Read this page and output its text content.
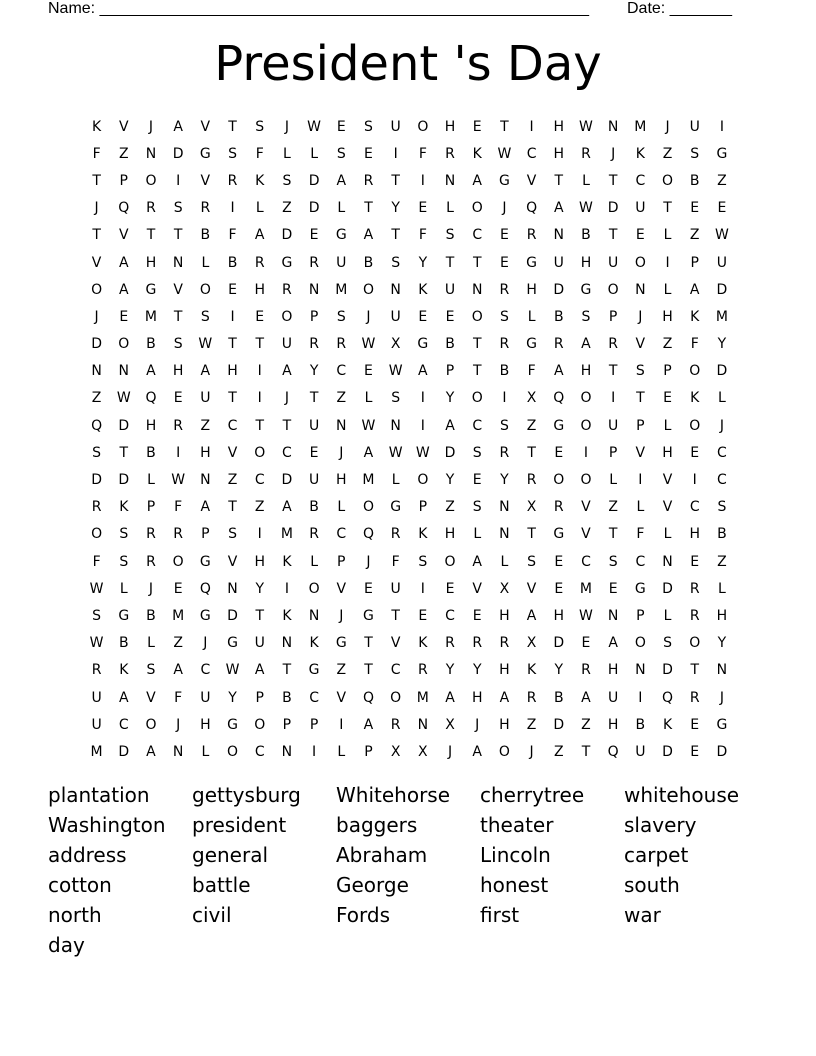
Name: _______________________________________________________ Date: _______
President 's Day
K	V	J	A	V	T	S	J	W	E	S	U	O	H	E	T	I	H	W	N	M	J	U	I
F	Z	N	D	G	S	F	L	L	S	E	I	F	R	K	W	C	H	R	J	K	Z	S	G
T	P	O	I	V	R	K	S	D	A	R	T	I	N	A	G	V	T	L	T	C	O	B	Z
J	Q	R	S	R	I	L	Z	D	L	T	Y	E	L	O	J	Q	A	W	D	U	T	E	E
T	V	T	T	B	F	A	D	E	G	A	T	F	S	C	E	R	N	B	T	E	L	Z	W
V	A	H	N	L	B	R	G	R	U	B	S	Y	T	T	E	G	U	H	U	O	I	P	U
O	A	G	V	O	E	H	R	N	M	O	N	K	U	N	R	H	D	G	O	N	L	A	D
J	E	M	T	S	I	E	O	P	S	J	U	E	E	O	S	L	B	S	P	J	H	K	M
D	O	B	S	W	T	T	U	R	R	W	X	G	B	T	R	G	R	A	R	V	Z	F	Y
N	N	A	H	A	H	I	A	Y	C	E	W	A	P	T	B	F	A	H	T	S	P	O	D
Z	W	Q	E	U	T	I	J	T	Z	L	S	I	Y	O	I	X	Q	O	I	T	E	K	L
Q	D	H	R	Z	C	T	T	U	N	W	N	I	A	C	S	Z	G	O	U	P	L	O	J
S	T	B	I	H	V	O	C	E	J	A	W W	D	S	R	T	E	I	P	V	H	E	C
D	D	L	W	N	Z	C	D	U	H	M	L	O	Y	E	Y	R	O	O	L	I	V	I	C
R	K	P	F	A	T	Z	A	B	L	O	G	P	Z	S	N	X	R	V	Z	L	V	C	S
O	S	R	R	P	S	I	M	R	C	Q	R	K	H	L	N	T	G	V	T	F	L	H	B
F	S	R	O	G	V	H	K	L	P	J	F	S	O	A	L	S	E	C	S	C	N	E	Z
W	L	J	E	Q	N	Y	I	O	V	E	U	I	E	V	X	V	E	M	E	G	D	R	L
S	G	B	M	G	D	T	K	N	J	G	T	E	C	E	H	A	H	W	N	P	L	R	H
W	B	L	Z	J	G	U	N	K	G	T	V	K	R	R	R	X	D	E	A	O	S	O	Y
R	K	S	A	C	W	A	T	G	Z	T	C	R	Y	Y	H	K	Y	R	H	N	D	T	N
U	A	V	F	U	Y	P	B	C	V	Q	O	M	A	H	A	R	B	A	U	I	Q	R	J
U	C	O	J	H	G	O	P	P	I	A	R	N	X	J	H	Z	D	Z	H	B	K	E	G
M	D	A	N	L	O	C	N	I	L	P	X	X	J	A	O	J	Z	T	Q	U	D	E	D
plantation	gettysburg	Whitehorse	cherrytree	whitehouse
Washington	president	baggers	theater	slavery
address	general	Abraham	Lincoln	carpet
cotton	battle	George	honest	south
north	civil	Fords	first	war
day
